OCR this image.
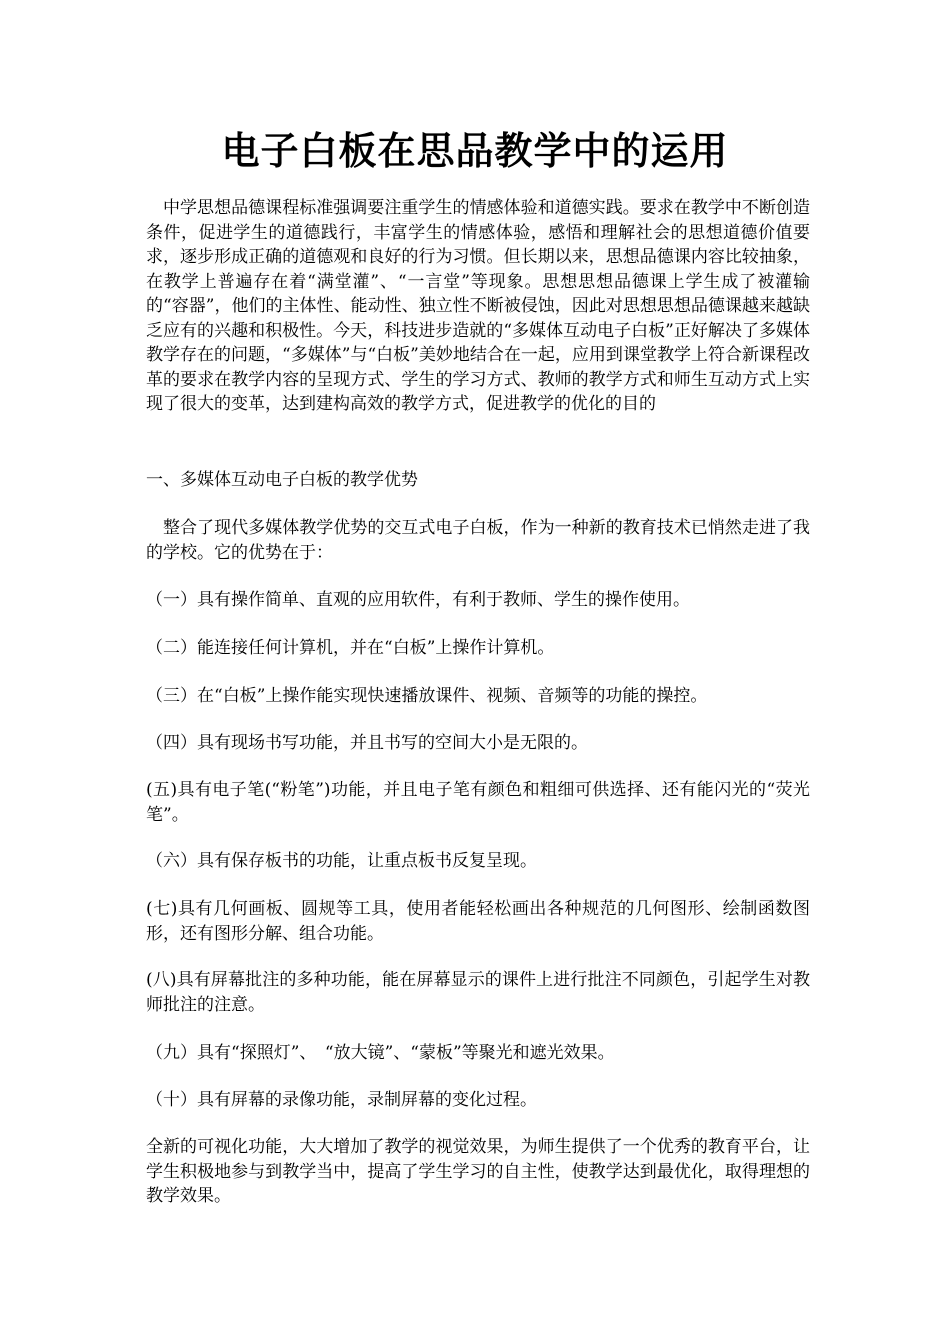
电子白板在思品教学中的运用

中学思想品德课程标准强调要注重学生的情感体验和道德实践。要求在教学中不断创造条件，促进学生的道德践行，丰富学生的情感体验，感悟和理解社会的思想道德价值要求，逐步形成正确的道德观和良好的行为习惯。但长期以来，思想品德课内容比较抽象，在教学上普遍存在着“满堂灌”、“一言堂”等现象。思想思想品德课上学生成了被灌输的“容器”，他们的主体性、能动性、独立性不断被侵蚀，因此对思想思想品德课越来越缺乏应有的兴趣和积极性。今天，科技进步造就的“多媒体互动电子白板”正好解决了多媒体教学存在的问题，“多媒体”与“白板”美妙地结合在一起，应用到课堂教学上符合新课程改革的要求在教学内容的呈现方式、学生的学习方式、教师的教学方式和师生互动方式上实现了很大的变革，达到建构高效的教学方式，促进教学的优化的目的

一、多媒体互动电子白板的教学优势

整合了现代多媒体教学优势的交互式电子白板，作为一种新的教育技术已悄然走进了我的学校。它的优势在于：

（一）具有操作简单、直观的应用软件，有利于教师、学生的操作使用。

（二）能连接任何计算机，并在“白板”上操作计算机。

（三）在“白板”上操作能实现快速播放课件、视频、音频等的功能的操控。

（四）具有现场书写功能，并且书写的空间大小是无限的。

(五)具有电子笔(“粉笔”)功能，并且电子笔有颜色和粗细可供选择、还有能闪光的“荧光笔”。

（六）具有保存板书的功能，让重点板书反复呈现。

(七)具有几何画板、圆规等工具，使用者能轻松画出各种规范的几何图形、绘制函数图形，还有图形分解、组合功能。

(八)具有屏幕批注的多种功能，能在屏幕显示的课件上进行批注不同颜色，引起学生对教师批注的注意。

（九）具有“探照灯”、　“放大镜”、“蒙板”等聚光和遮光效果。

（十）具有屏幕的录像功能，录制屏幕的变化过程。

全新的可视化功能，大大增加了教学的视觉效果，为师生提供了一个优秀的教育平台，让学生积极地参与到教学当中，提高了学生学习的自主性，使教学达到最优化，取得理想的教学效果。
